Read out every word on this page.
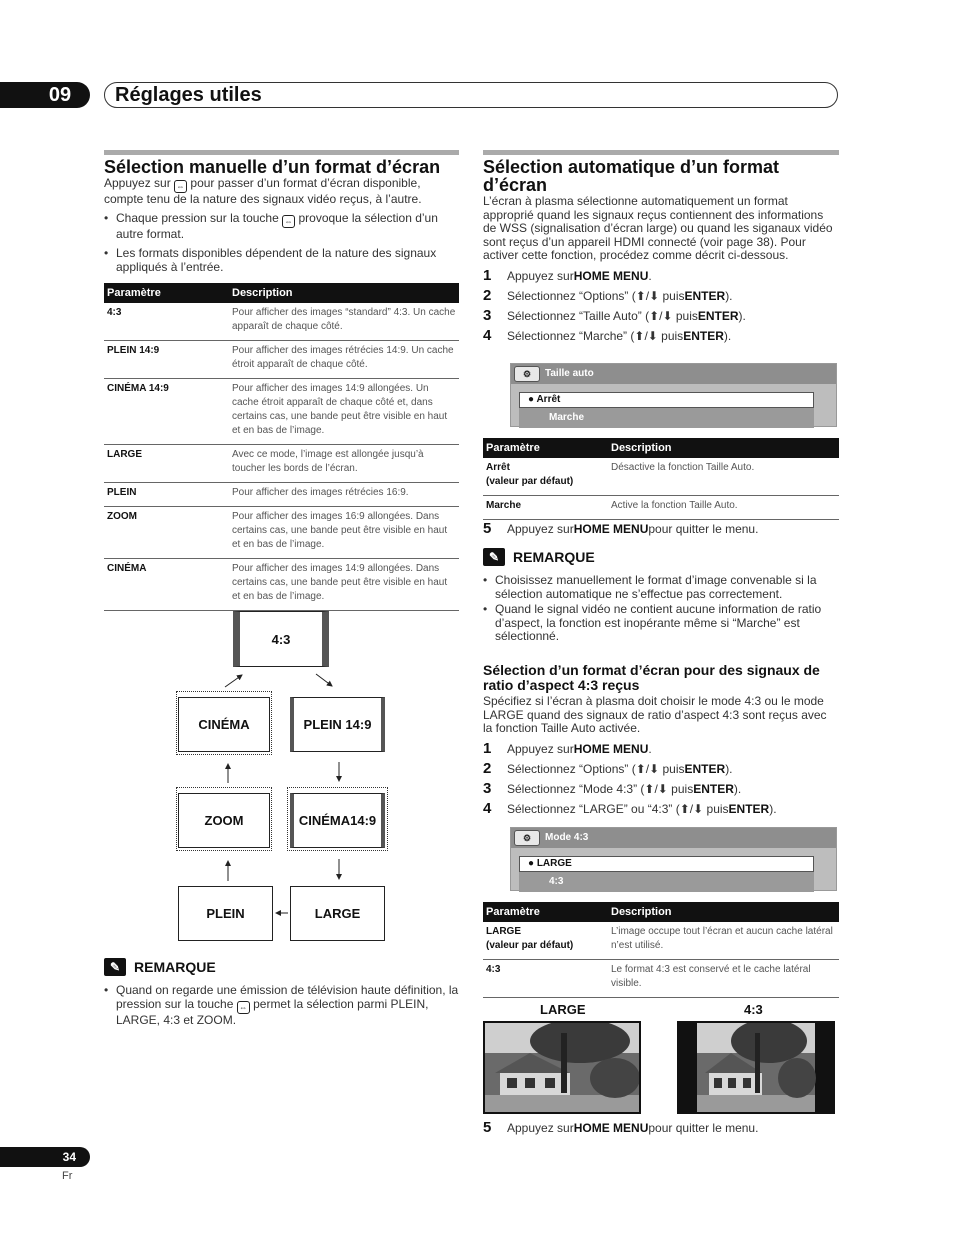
09	Réglages utiles
Sélection manuelle d’un format d’écran
Appuyez sur ⇔ pour passer d’un format d’écran disponible, compte tenu de la nature des signaux vidéo reçus, à l’autre.
• Chaque pression sur la touche ⇔ provoque la sélection d’un autre format.
• Les formats disponibles dépendent de la nature des signaux appliqués à l’entrée.
Paramètre	Description
4:3	Pour afficher des images “standard” 4:3. Un cache apparaît de chaque côté.
PLEIN 14:9	Pour afficher des images rétrécies 14:9. Un cache étroit apparaît de chaque côté.
CINÉMA 14:9	Pour afficher des images 14:9 allongées. Un cache étroit apparaît de chaque côté et, dans certains cas, une bande peut être visible en haut et en bas de l’image.
LARGE	Avec ce mode, l’image est allongée jusqu’à toucher les bords de l’écran.
PLEIN	Pour afficher des images rétrécies 16:9.
ZOOM	Pour afficher des images 16:9 allongées. Dans certains cas, une bande peut être visible en haut et en bas de l’image.
CINÉMA	Pour afficher des images 14:9 allongées. Dans certains cas, une bande peut être visible en haut et en bas de l’image.
4:3
CINÉMA	PLEIN 14:9
ZOOM	CINÉMA14:9
PLEIN	LARGE
✎ REMARQUE
• Quand on regarde une émission de télévision haute définition, la pression sur la touche ⇔ permet la sélection parmi PLEIN, LARGE, 4:3 et ZOOM.
Sélection automatique d’un format d’écran
L’écran à plasma sélectionne automatiquement un format approprié quand les signaux reçus contiennent des informations de WSS (signalisation d’écran large) ou quand les siganaux vidéo sont reçus d’un appareil HDMI connecté (voir page 38). Pour activer cette fonction, procédez comme décrit ci-dessous.
1	Appuyez sur HOME MENU .
2	Sélectionnez “Options” (⬆/⬇ puis ENTER ).
3	Sélectionnez “Taille Auto” (⬆/⬇ puis ENTER ).
4	Sélectionnez “Marche” (⬆/⬇ puis ENTER ).
⚙	Taille auto
● Arrêt
Marche
Paramètre	Description
Arrêt
(valeur par défaut)	Désactive la fonction Taille Auto.
Marche	Active la fonction Taille Auto.
5	Appuyez sur HOME MENU pour quitter le menu.
✎ REMARQUE
• Choisissez manuellement le format d’image convenable si la sélection automatique ne s’effectue pas correctement.
• Quand le signal vidéo ne contient aucune information de ratio d’aspect, la fonction est inopérante même si “Marche” est sélectionné.
Sélection d’un format d’écran pour des signaux de ratio d’aspect 4:3 reçus
Spécifiez si l’écran à plasma doit choisir le mode 4:3 ou le mode LARGE quand des signaux de ratio d’aspect 4:3 sont reçus avec la fonction Taille Auto activée.
1	Appuyez sur HOME MENU .
2	Sélectionnez “Options” (⬆/⬇ puis ENTER ).
3	Sélectionnez “Mode 4:3” (⬆/⬇ puis ENTER ).
4	Sélectionnez “LARGE” ou “4:3” (⬆/⬇ puis ENTER ).
⚙	Mode 4:3
● LARGE
4:3
Paramètre	Description
LARGE
(valeur par défaut)	L’image occupe tout l’écran et aucun cache latéral n’est utilisé.
4:3	Le format 4:3 est conservé et le cache latéral visible.
LARGE	4:3
5	Appuyez sur HOME MENU pour quitter le menu.
34
Fr
